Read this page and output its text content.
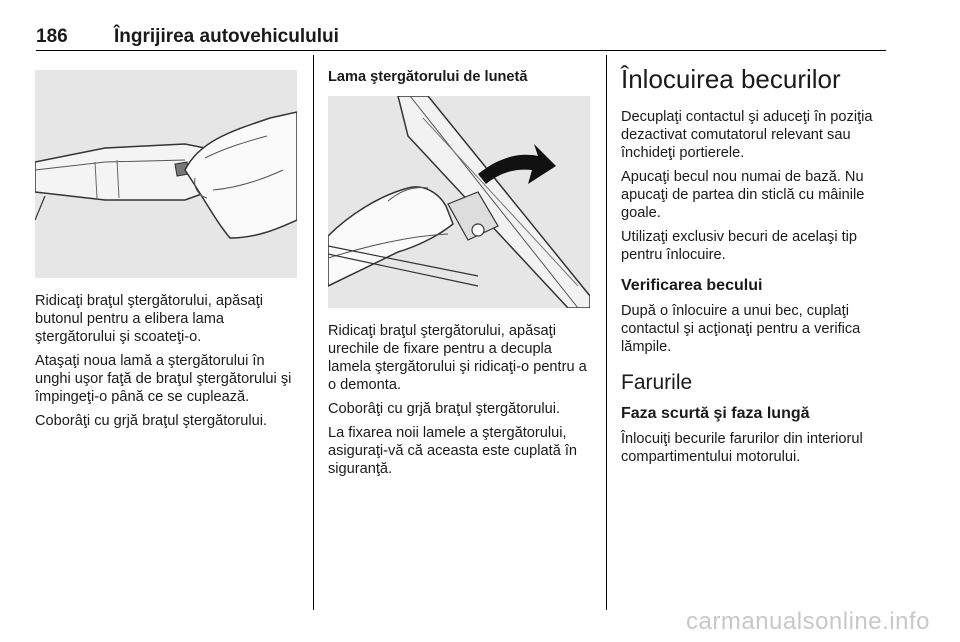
186 Îngrijirea autovehiculului

Ridicaţi braţul ştergătorului, apăsaţi butonul pentru a elibera lama ştergătorului şi scoateţi-o.

Ataşaţi noua lamă a ştergătorului în unghi uşor faţă de braţul ştergătorului şi împingeţi-o până ce se cuplează.

Coborâţi cu grjă braţul ştergătorului.

Lama ştergătorului de lunetă

Ridicaţi braţul ştergătorului, apăsaţi urechile de fixare pentru a decupla lamela ştergătorului şi ridicaţi-o pentru a o demonta.

Coborâţi cu grjă braţul ştergătorului.

La fixarea noii lamele a ştergătorului, asiguraţi-vă că aceasta este cuplată în siguranţă.

Înlocuirea becurilor

Decuplaţi contactul şi aduceţi în poziţia dezactivat comutatorul relevant sau închideţi portierele.

Apucaţi becul nou numai de bază. Nu apucaţi de partea din sticlă cu mâinile goale.

Utilizaţi exclusiv becuri de acelaşi tip pentru înlocuire.

Verificarea becului

După o înlocuire a unui bec, cuplaţi contactul şi acţionaţi pentru a verifica lămpile.

Farurile
Faza scurtă şi faza lungă

Înlocuiţi becurile farurilor din interiorul compartimentului motorului.

carmanualsonline.info
